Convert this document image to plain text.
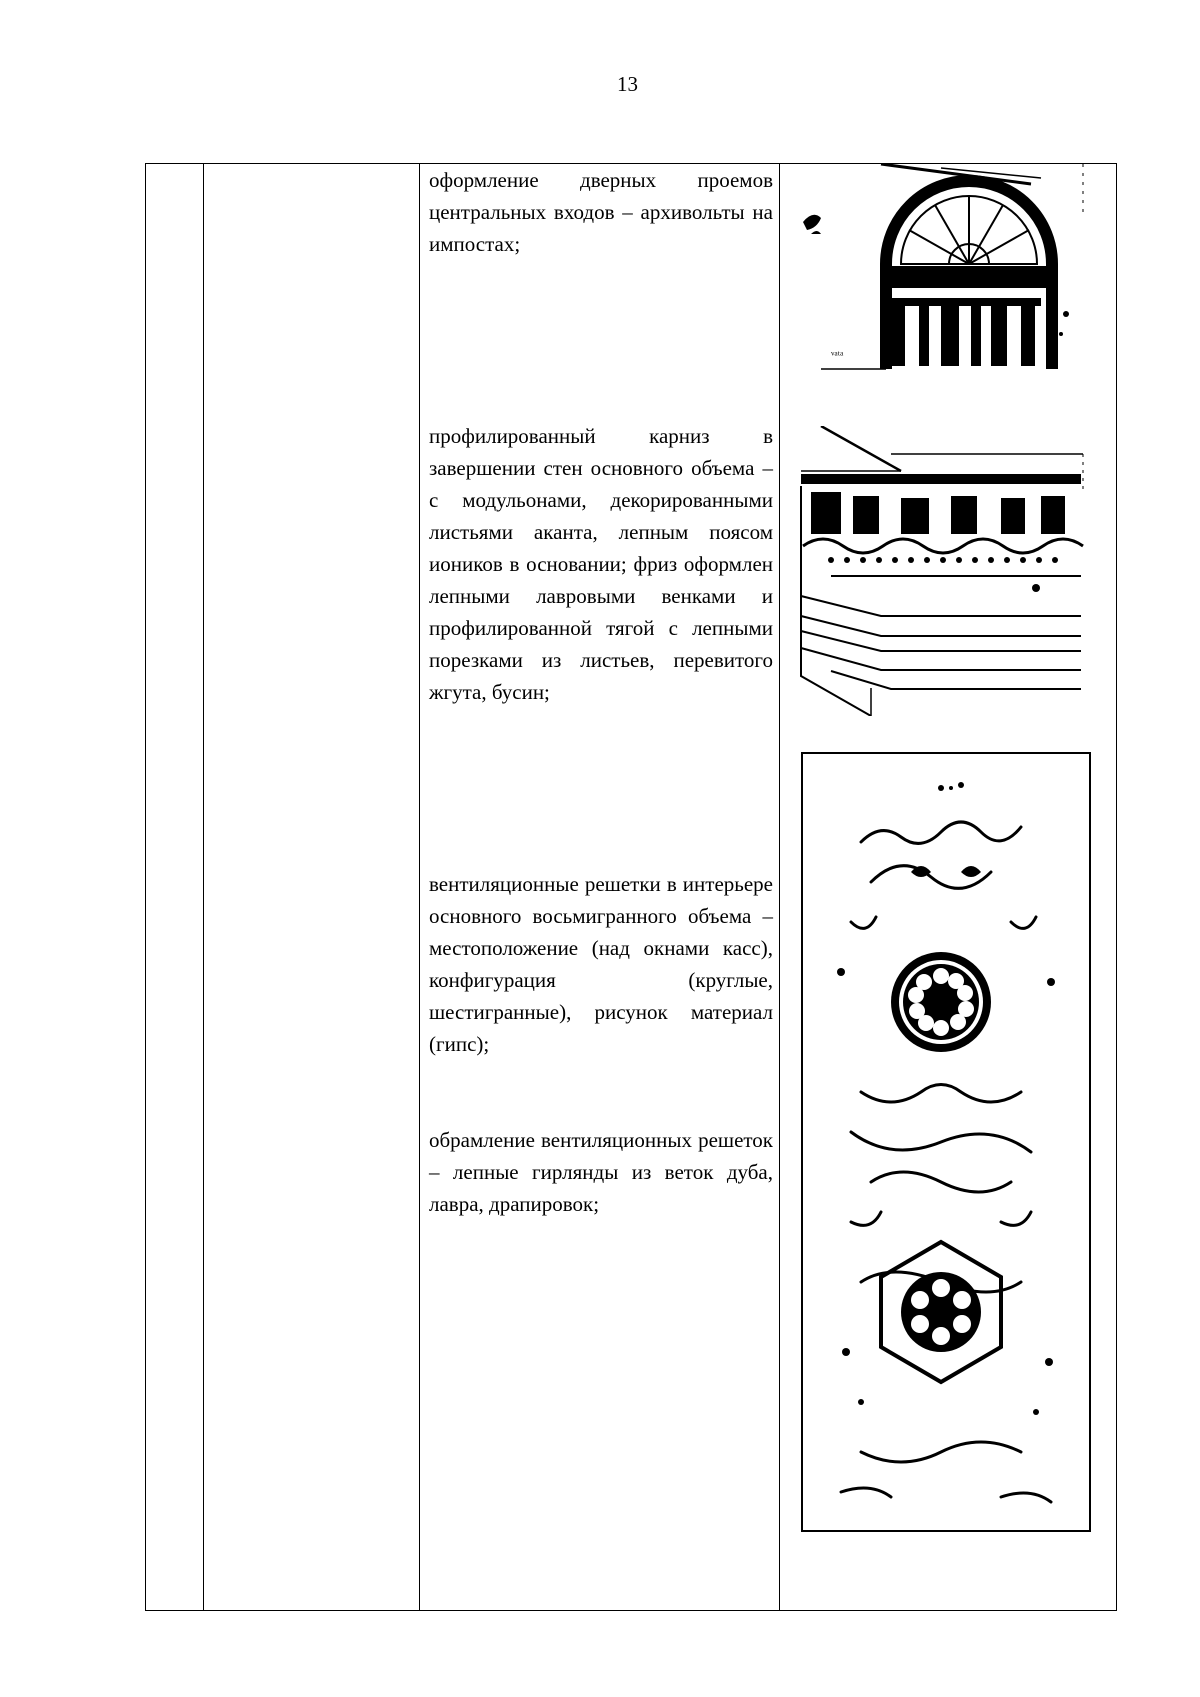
13

оформление дверных проемов центральных входов – архивольты на импостах;

профилированный карниз в завершении стен основного объема – с модульонами, декорированными листьями аканта, лепным поясом иоников в основании; фриз оформлен лепными лавровыми венками и профилированной тягой с лепными порезками из листьев, перевитого жгута, бусин;

вентиляционные решетки в интерьере основного восьмигранного объема – местоположение (над окнами касс), конфигурация (круглые, шестигранные), рисунок материал (гипс);

обрамление вентиляционных решеток – лепные гирлянды из веток дуба, лавра, драпировок;

ᵛᵃᵗᵃ
